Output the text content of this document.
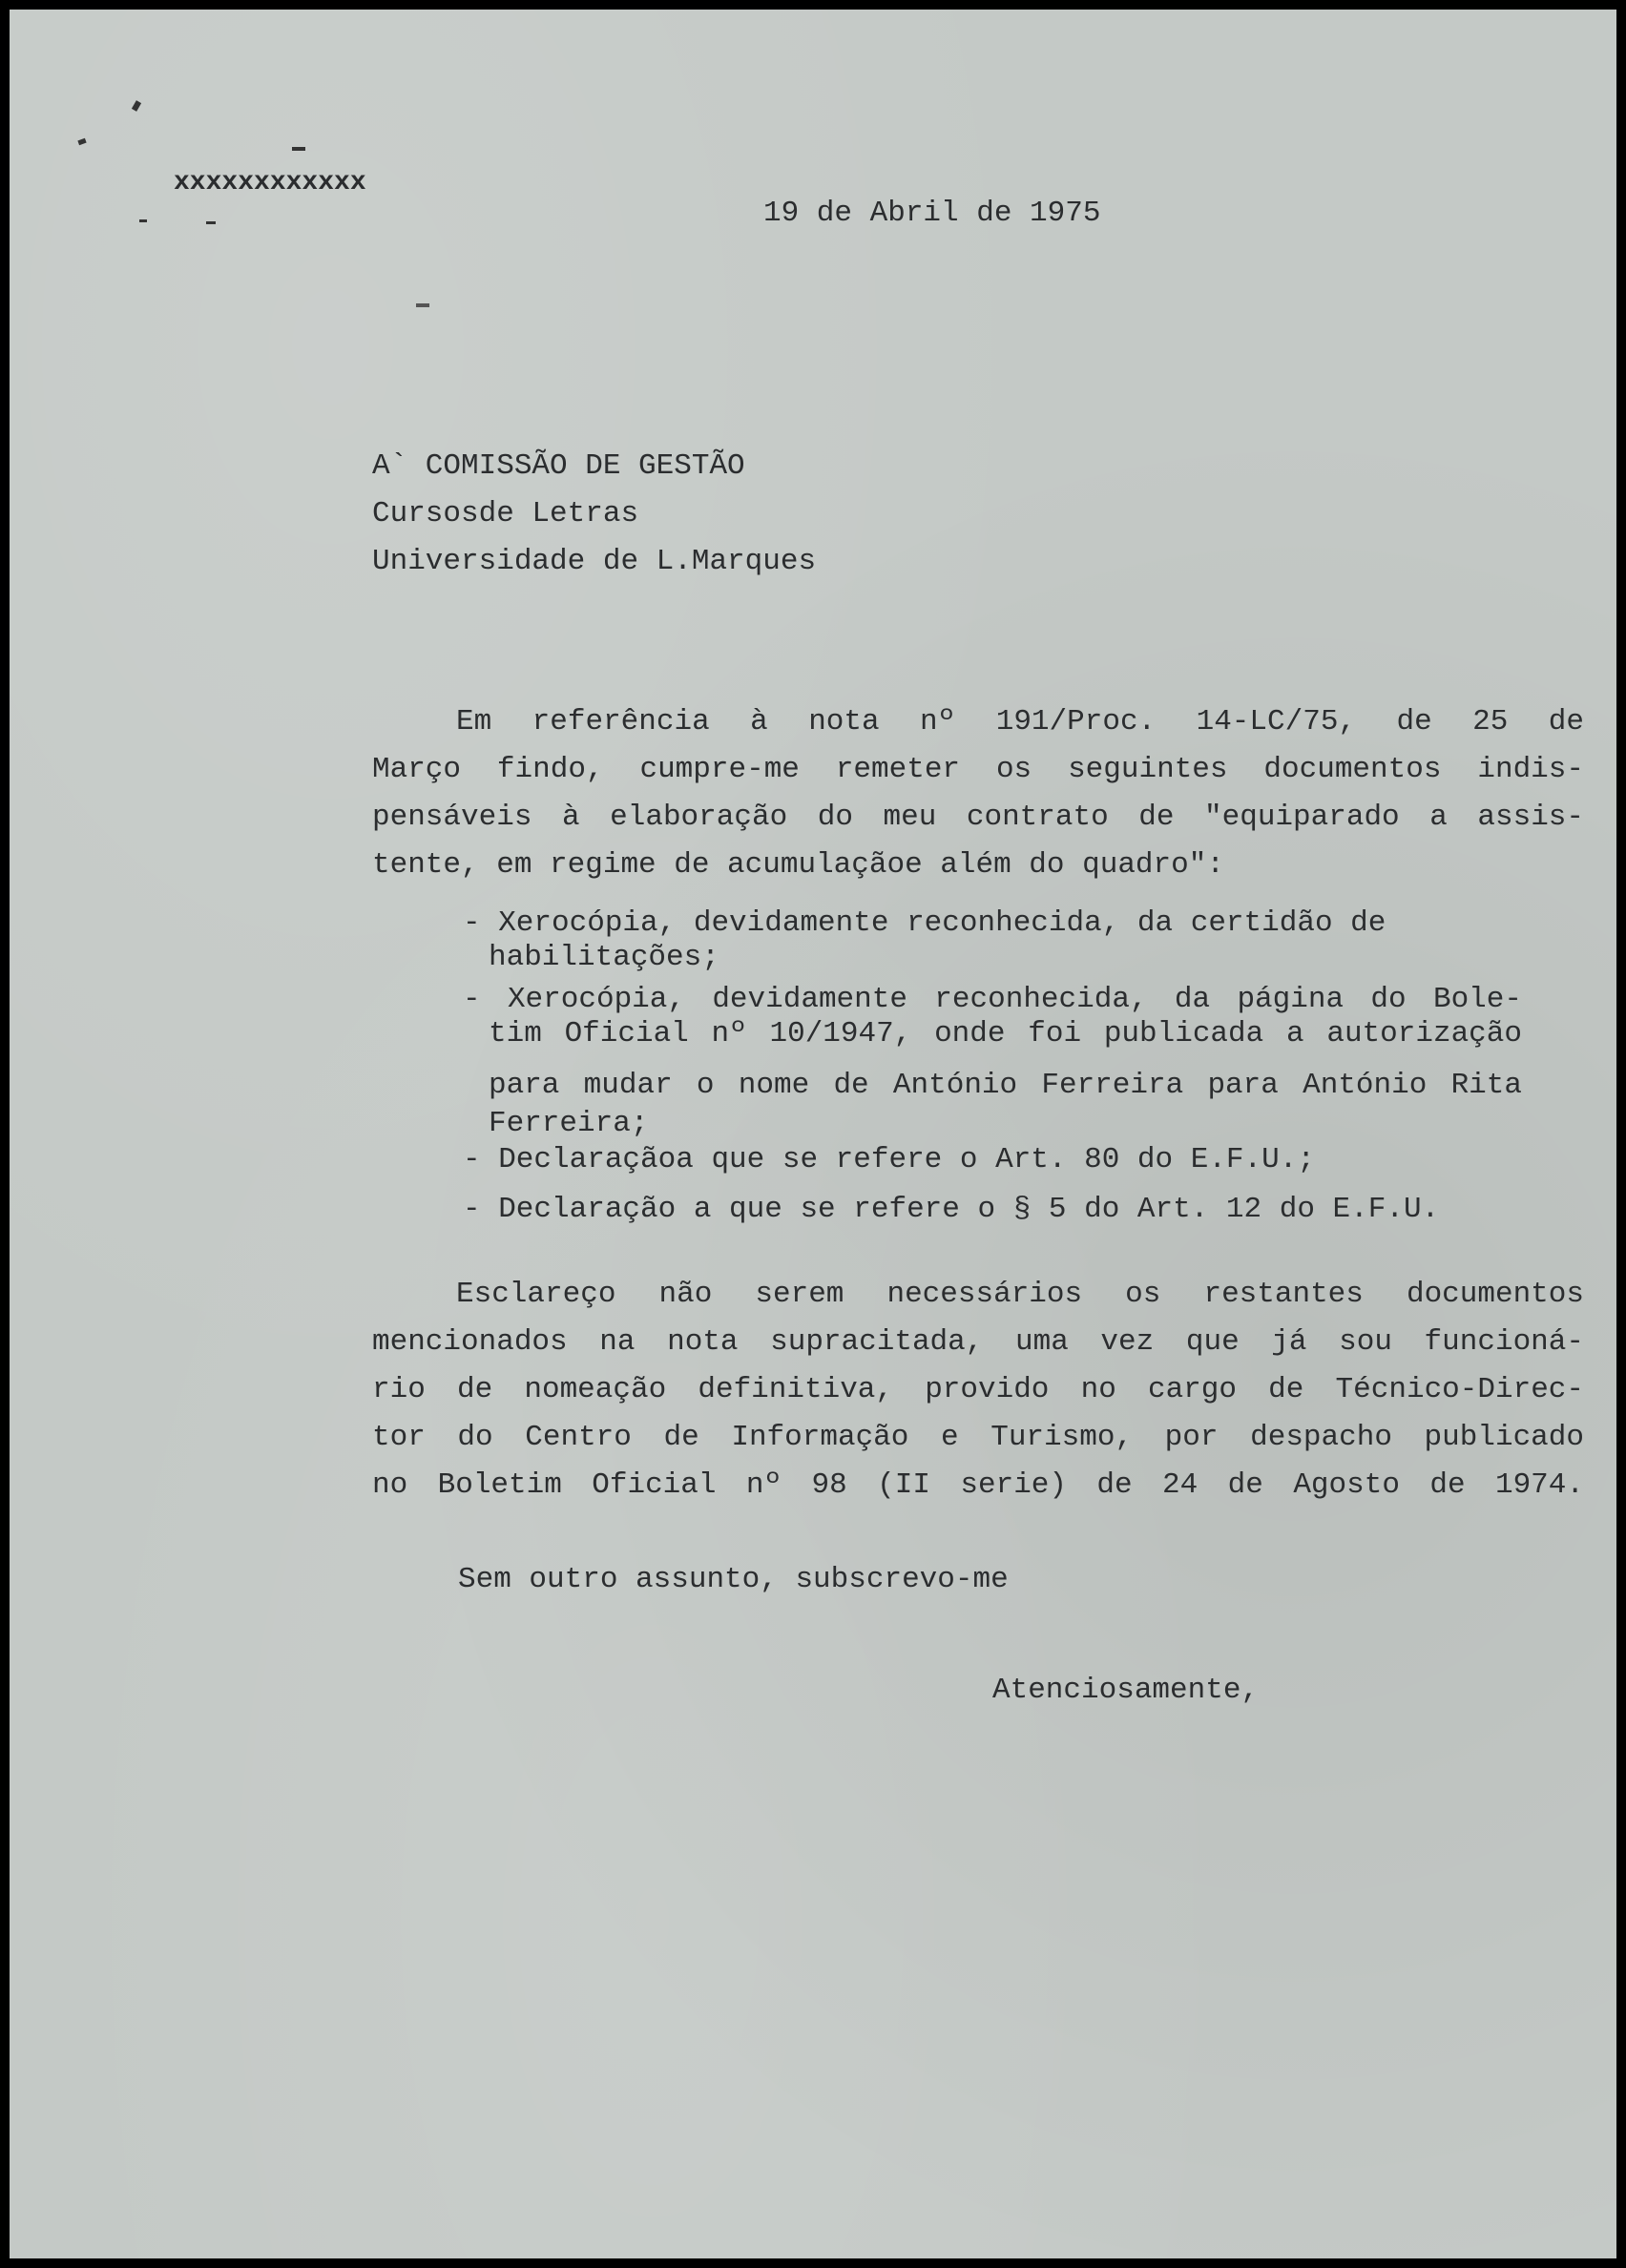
xxxxxxxxxxxx

19 de Abril de 1975

A` COMISSÃO DE GESTÃO

Cursosde Letras

Universidade de L.Marques

Em referência à nota nº 191/Proc. 14-LC/75, de 25 de
Março findo, cumpre-me remeter os seguintes documentos indis-
pensáveis à elaboração do meu contrato de "equiparado a assis-
tente, em regime de acumulaçãoe além do quadro":
- Xerocópia, devidamente reconhecida, da certidão de
habilitações;
- Xerocópia, devidamente reconhecida, da página do Bole-
tim Oficial nº 10/1947, onde foi publicada a autorização
para mudar o nome de António Ferreira para António Rita
Ferreira;
- Declaraçãoa que se refere o Art. 80 do E.F.U.;
- Declaração a que se refere o § 5 do Art. 12 do E.F.U.
Esclareço não serem necessários os restantes documentos
mencionados na nota supracitada, uma vez que já sou funcioná-
rio de nomeação definitiva, provido no cargo de Técnico-Direc-
tor do Centro de Informação e Turismo, por despacho publicado
no Boletim Oficial nº 98 (II serie) de 24 de Agosto de 1974.

Sem outro assunto, subscrevo-me

Atenciosamente,
